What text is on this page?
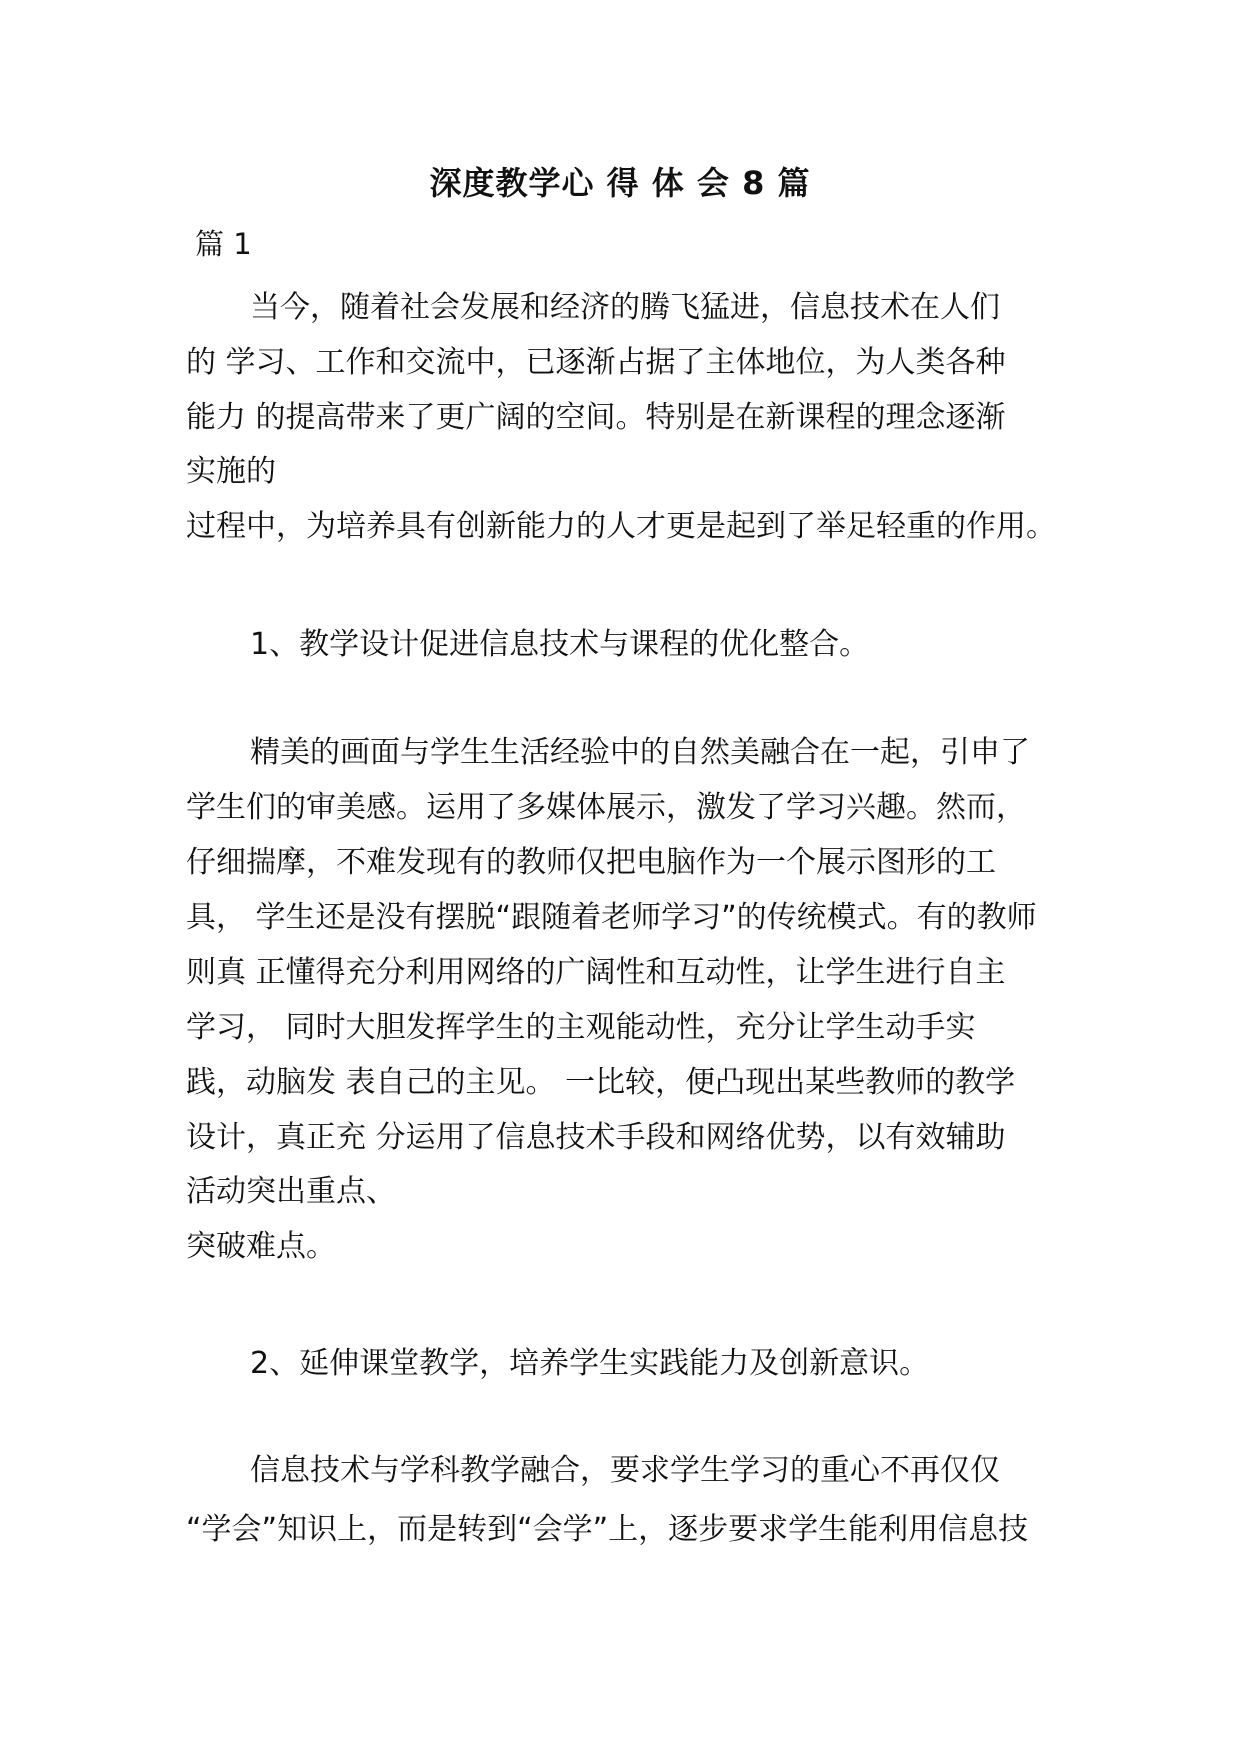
深度教学心 得 体 会 8 篇
篇 1
当今，随着社会发展和经济的腾飞猛进，信息技术在人们
的 学习、工作和交流中，已逐渐占据了主体地位，为人类各种
能力 的提高带来了更广阔的空间。特别是在新课程的理念逐渐
实施的
过程中，为培养具有创新能力的人才更是起到了举足轻重的作用。
1、教学设计促进信息技术与课程的优化整合。
精美的画面与学生生活经验中的自然美融合在一起，引申了
学生们的审美感。运用了多媒体展示，激发了学习兴趣。然而，
仔细揣摩，不难发现有的教师仅把电脑作为一个展示图形的工
具， 学生还是没有摆脱“跟随着老师学习”的传统模式。有的教师
则真 正懂得充分利用网络的广阔性和互动性，让学生进行自主
学习， 同时大胆发挥学生的主观能动性，充分让学生动手实
践，动脑发 表自己的主见。 一比较，便凸现出某些教师的教学
设计，真正充 分运用了信息技术手段和网络优势，以有效辅助
活动突出重点、
突破难点。
2、延伸课堂教学，培养学生实践能力及创新意识。
信息技术与学科教学融合，要求学生学习的重心不再仅仅
“学会”知识上，而是转到“会学”上，逐步要求学生能利用信息技
